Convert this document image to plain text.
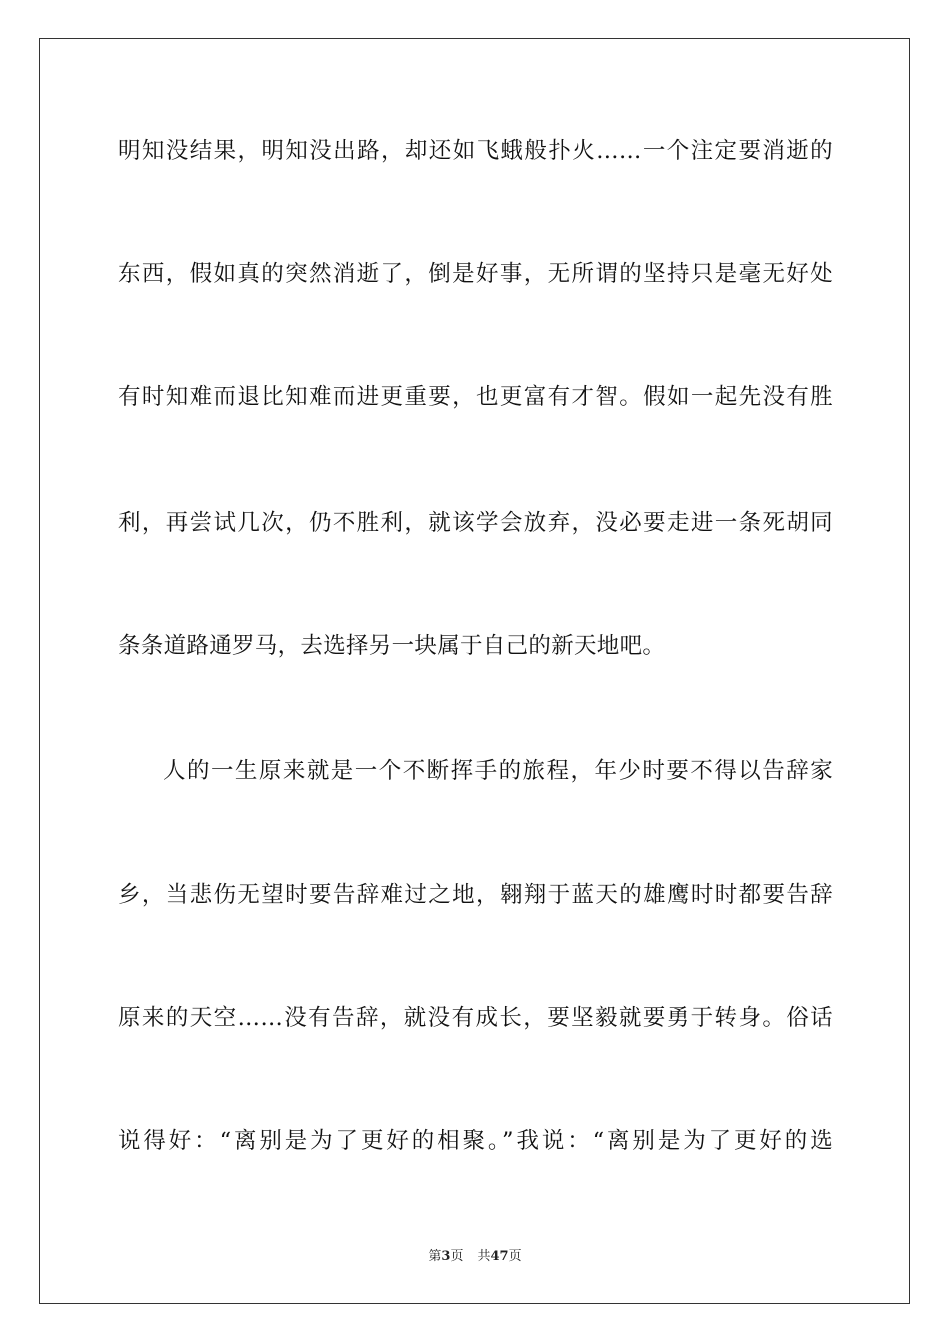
明知没结果，明知没出路，却还如飞蛾般扑火……一个注定要消逝的
东西，假如真的突然消逝了，倒是好事，无所谓的坚持只是毫无好处
有时知难而退比知难而进更重要，也更富有才智。假如一起先没有胜
利，再尝试几次，仍不胜利，就该学会放弃，没必要走进一条死胡同
条条道路通罗马，去选择另一块属于自己的新天地吧。
人的一生原来就是一个不断挥手的旅程，年少时要不得以告辞家
乡，当悲伤无望时要告辞难过之地，翱翔于蓝天的雄鹰时时都要告辞
原来的天空……没有告辞，就没有成长，要坚毅就要勇于转身。俗话
说得好：“离别是为了更好的相聚。”我说：“离别是为了更好的选
第3页 共47页
